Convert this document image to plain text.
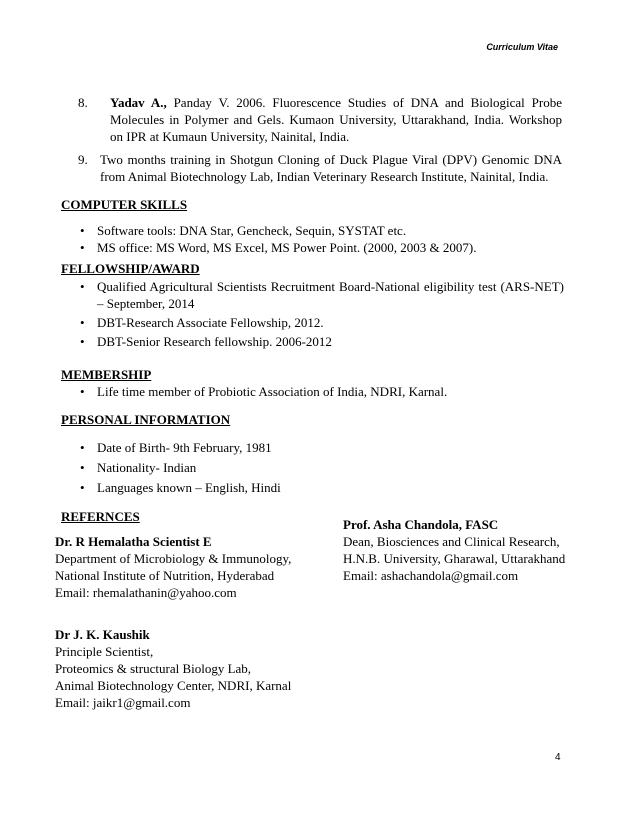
Curriculum Vitae
8.	Yadav A., Panday V. 2006. Fluorescence Studies of DNA and Biological Probe Molecules in Polymer and Gels. Kumaon University, Uttarakhand, India. Workshop on IPR at Kumaun University, Nainital, India.
9. Two months training in Shotgun Cloning of Duck Plague Viral (DPV) Genomic DNA from Animal Biotechnology Lab, Indian Veterinary Research Institute, Nainital, India.
COMPUTER SKILLS
• Software tools: DNA Star, Gencheck, Sequin, SYSTAT etc.
• MS office: MS Word, MS Excel, MS Power Point. (2000, 2003 & 2007).
FELLOWSHIP/AWARD
• Qualified Agricultural Scientists Recruitment Board-National eligibility test (ARS-NET) – September, 2014
• DBT-Research Associate Fellowship, 2012.
• DBT-Senior Research fellowship. 2006-2012
MEMBERSHIP
• Life time member of Probiotic Association of India, NDRI, Karnal.
PERSONAL INFORMATION
• Date of Birth- 9th February, 1981
• Nationality- Indian
• Languages known – English, Hindi
REFERNCES
Dr. R Hemalatha Scientist E
Department of Microbiology & Immunology,
National Institute of Nutrition, Hyderabad
Email: rhemalathanin@yahoo.com
Prof. Asha Chandola, FASC
Dean, Biosciences and Clinical Research,
H.N.B. University, Gharawal, Uttarakhand
Email: ashachandola@gmail.com
Dr J. K. Kaushik
Principle Scientist,
Proteomics & structural Biology Lab,
Animal Biotechnology Center, NDRI, Karnal
Email: jaikr1@gmail.com
4
